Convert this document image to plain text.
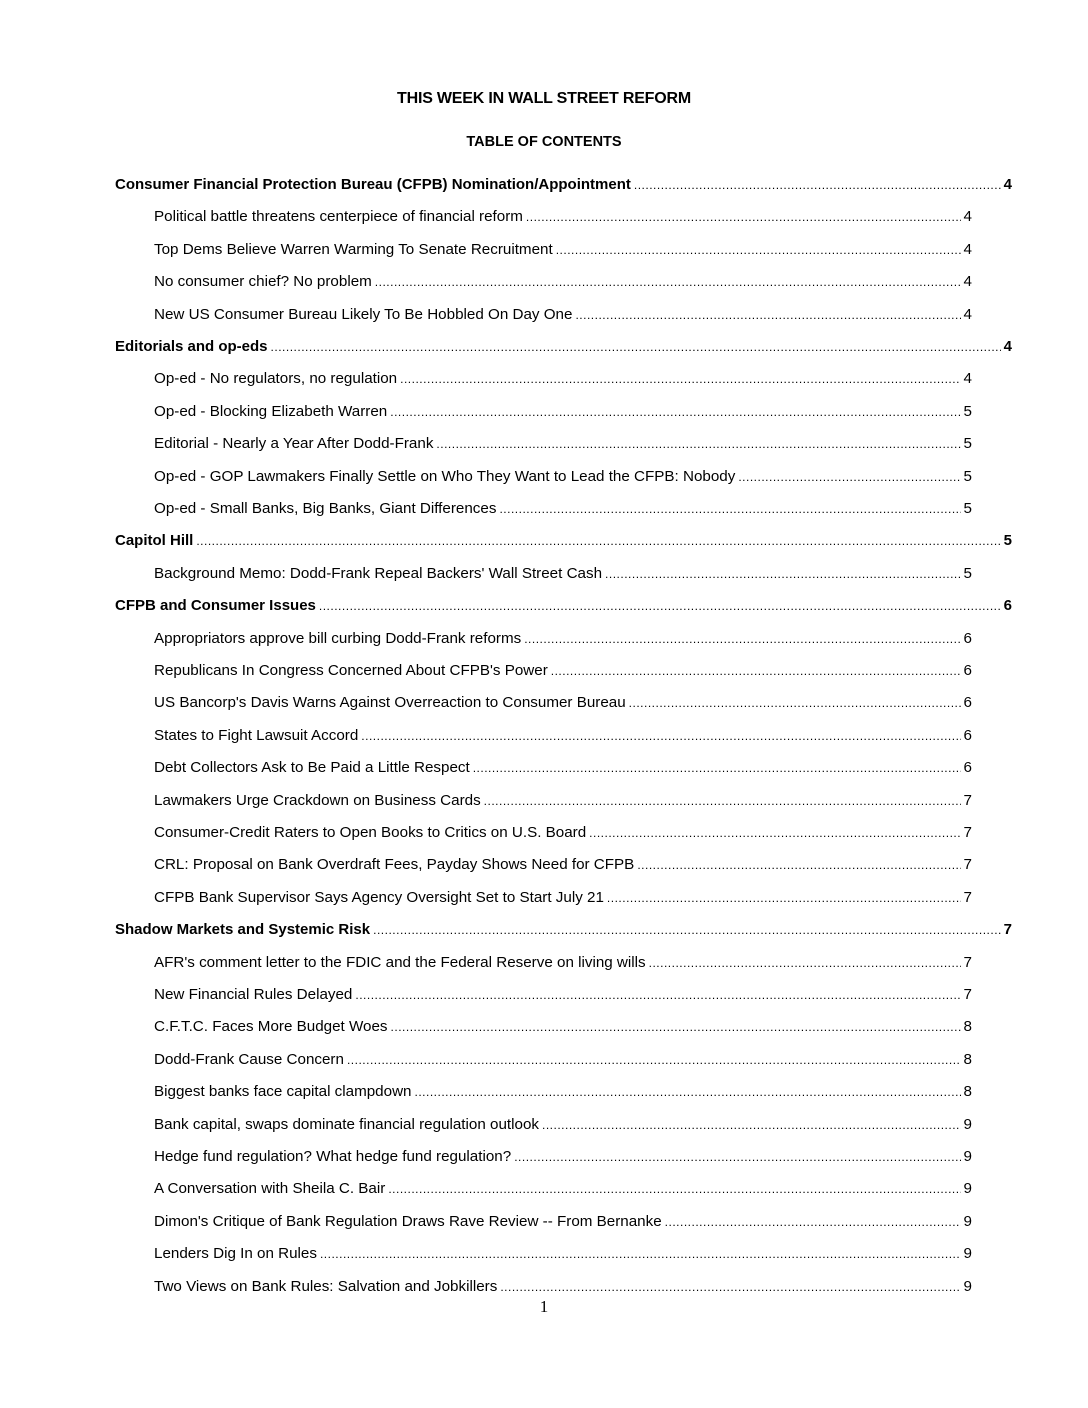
THIS WEEK IN WALL STREET REFORM
TABLE OF CONTENTS
Consumer Financial Protection Bureau (CFPB) Nomination/Appointment .....	4
Political battle threatens centerpiece of financial reform .....	4
Top Dems Believe Warren Warming To Senate Recruitment .....	4
No consumer chief? No problem .....	4
New US Consumer Bureau Likely To Be Hobbled On Day One .....	4
Editorials and op-eds .....	4
Op-ed - No regulators, no regulation .....	4
Op-ed - Blocking Elizabeth Warren .....	5
Editorial - Nearly a Year After Dodd-Frank .....	5
Op-ed - GOP Lawmakers Finally Settle on Who They Want to Lead the CFPB: Nobody .....	5
Op-ed - Small Banks, Big Banks, Giant Differences .....	5
Capitol Hill .....	5
Background Memo: Dodd-Frank Repeal Backers' Wall Street Cash .....	5
CFPB and Consumer Issues .....	6
Appropriators approve bill curbing Dodd-Frank reforms .....	6
Republicans In Congress Concerned About CFPB's Power .....	6
US Bancorp's Davis Warns Against Overreaction to Consumer Bureau .....	6
States to Fight Lawsuit Accord .....	6
Debt Collectors Ask to Be Paid a Little Respect .....	6
Lawmakers Urge Crackdown on Business Cards .....	7
Consumer-Credit Raters to Open Books to Critics on U.S. Board .....	7
CRL: Proposal on Bank Overdraft Fees, Payday Shows Need for CFPB .....	7
CFPB Bank Supervisor Says Agency Oversight Set to Start July 21 .....	7
Shadow Markets and Systemic Risk .....	7
AFR's comment letter to the FDIC and the Federal Reserve on living wills .....	7
New Financial Rules Delayed .....	7
C.F.T.C. Faces More Budget Woes .....	8
Dodd-Frank Cause Concern .....	8
Biggest banks face capital clampdown .....	8
Bank capital, swaps dominate financial regulation outlook .....	9
Hedge fund regulation? What hedge fund regulation? .....	9
A Conversation with Sheila C. Bair .....	9
Dimon's Critique of Bank Regulation Draws Rave Review -- From Bernanke .....	9
Lenders Dig In on Rules .....	9
Two Views on Bank Rules: Salvation and Jobkillers .....	9
1
